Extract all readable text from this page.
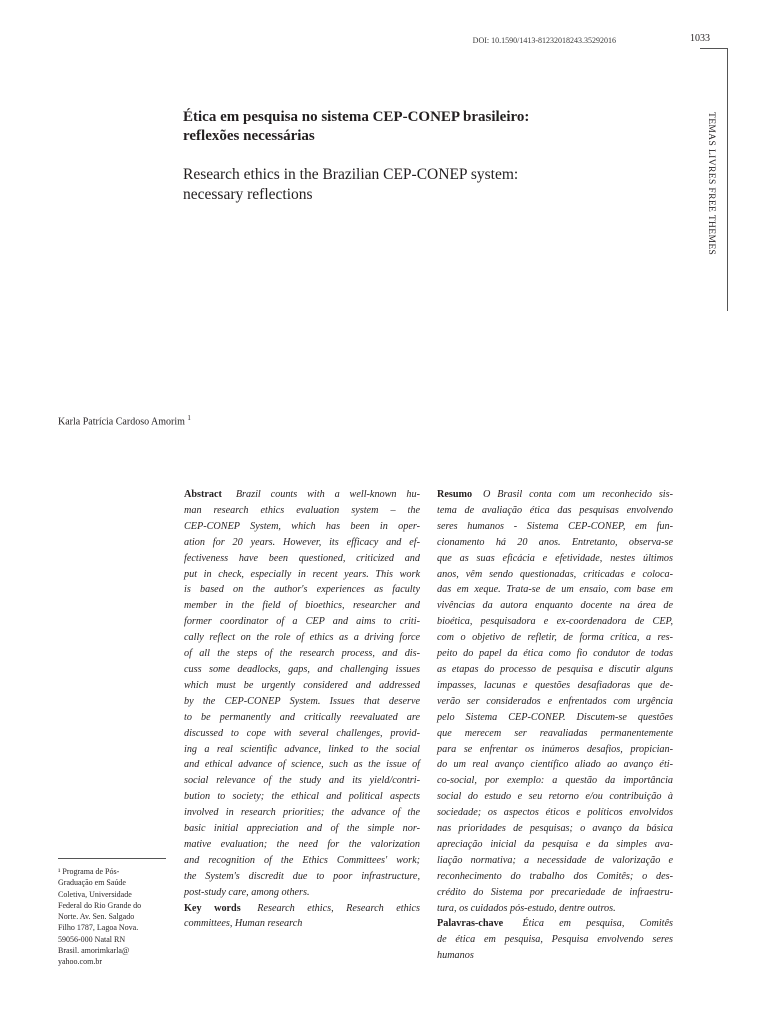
DOI: 10.1590/1413-81232018243.35292016	1033
TEMAS LIVRES FREE THEMES
Ética em pesquisa no sistema CEP-CONEP brasileiro:
reflexões necessárias
Research ethics in the Brazilian CEP-CONEP system:
necessary reflections
Karla Patrícia Cardoso Amorim $^1$
Abstract Brazil counts with a well-known hu-
man research ethics evaluation system – the
CEP-CONEP System, which has been in oper-
ation for 20 years. However, its efficacy and ef-
fectiveness have been questioned, criticized and
put in check, especially in recent years. This work
is based on the author's experiences as faculty
member in the field of bioethics, researcher and
former coordinator of a CEP and aims to criti-
cally reflect on the role of ethics as a driving force
of all the steps of the research process, and dis-
cuss some deadlocks, gaps, and challenging issues
which must be urgently considered and addressed
by the CEP-CONEP System. Issues that deserve
to be permanently and critically reevaluated are
discussed to cope with several challenges, provid-
ing a real scientific advance, linked to the social
and ethical advance of science, such as the issue of
social relevance of the study and its yield/contri-
bution to society; the ethical and political aspects
involved in research priorities; the advance of the
basic initial appreciation and of the simple nor-
mative evaluation; the need for the valorization
and recognition of the Ethics Committees' work;
the System's discredit due to poor infrastructure,
post-study care, among others.
Key words Research ethics, Research ethics
committees, Human research
Resumo O Brasil conta com um reconhecido sis-
tema de avaliação ética das pesquisas envolvendo
seres humanos - Sistema CEP-CONEP, em fun-
cionamento há 20 anos. Entretanto, observa-se
que as suas eficácia e efetividade, nestes últimos
anos, vêm sendo questionadas, criticadas e coloca-
das em xeque. Trata-se de um ensaio, com base em
vivências da autora enquanto docente na área de
bioética, pesquisadora e ex-coordenadora de CEP,
com o objetivo de refletir, de forma crítica, a res-
peito do papel da ética como fio condutor de todas
as etapas do processo de pesquisa e discutir alguns
impasses, lacunas e questões desafiadoras que de-
verão ser considerados e enfrentados com urgência
pelo Sistema CEP-CONEP. Discutem-se questões
que merecem ser reavaliadas permanentemente
para se enfrentar os inúmeros desafios, propician-
do um real avanço científico aliado ao avanço éti-
co-social, por exemplo: a questão da importância
social do estudo e seu retorno e/ou contribuição à
sociedade; os aspectos éticos e políticos envolvidos
nas prioridades de pesquisas; o avanço da básica
apreciação inicial da pesquisa e da simples ava-
liação normativa; a necessidade de valorização e
reconhecimento do trabalho dos Comitês; o des-
crédito do Sistema por precariedade de infraestru-
tura, os cuidados pós-estudo, dentre outros.
Palavras-chave Ética em pesquisa, Comitês
de ética em pesquisa, Pesquisa envolvendo seres
humanos
¹ Programa de Pós-
Graduação em Saúde
Coletiva, Universidade
Federal do Rio Grande do
Norte. Av. Sen. Salgado
Filho 1787, Lagoa Nova.
59056-000 Natal RN
Brasil. amorimkarla@
yahoo.com.br
